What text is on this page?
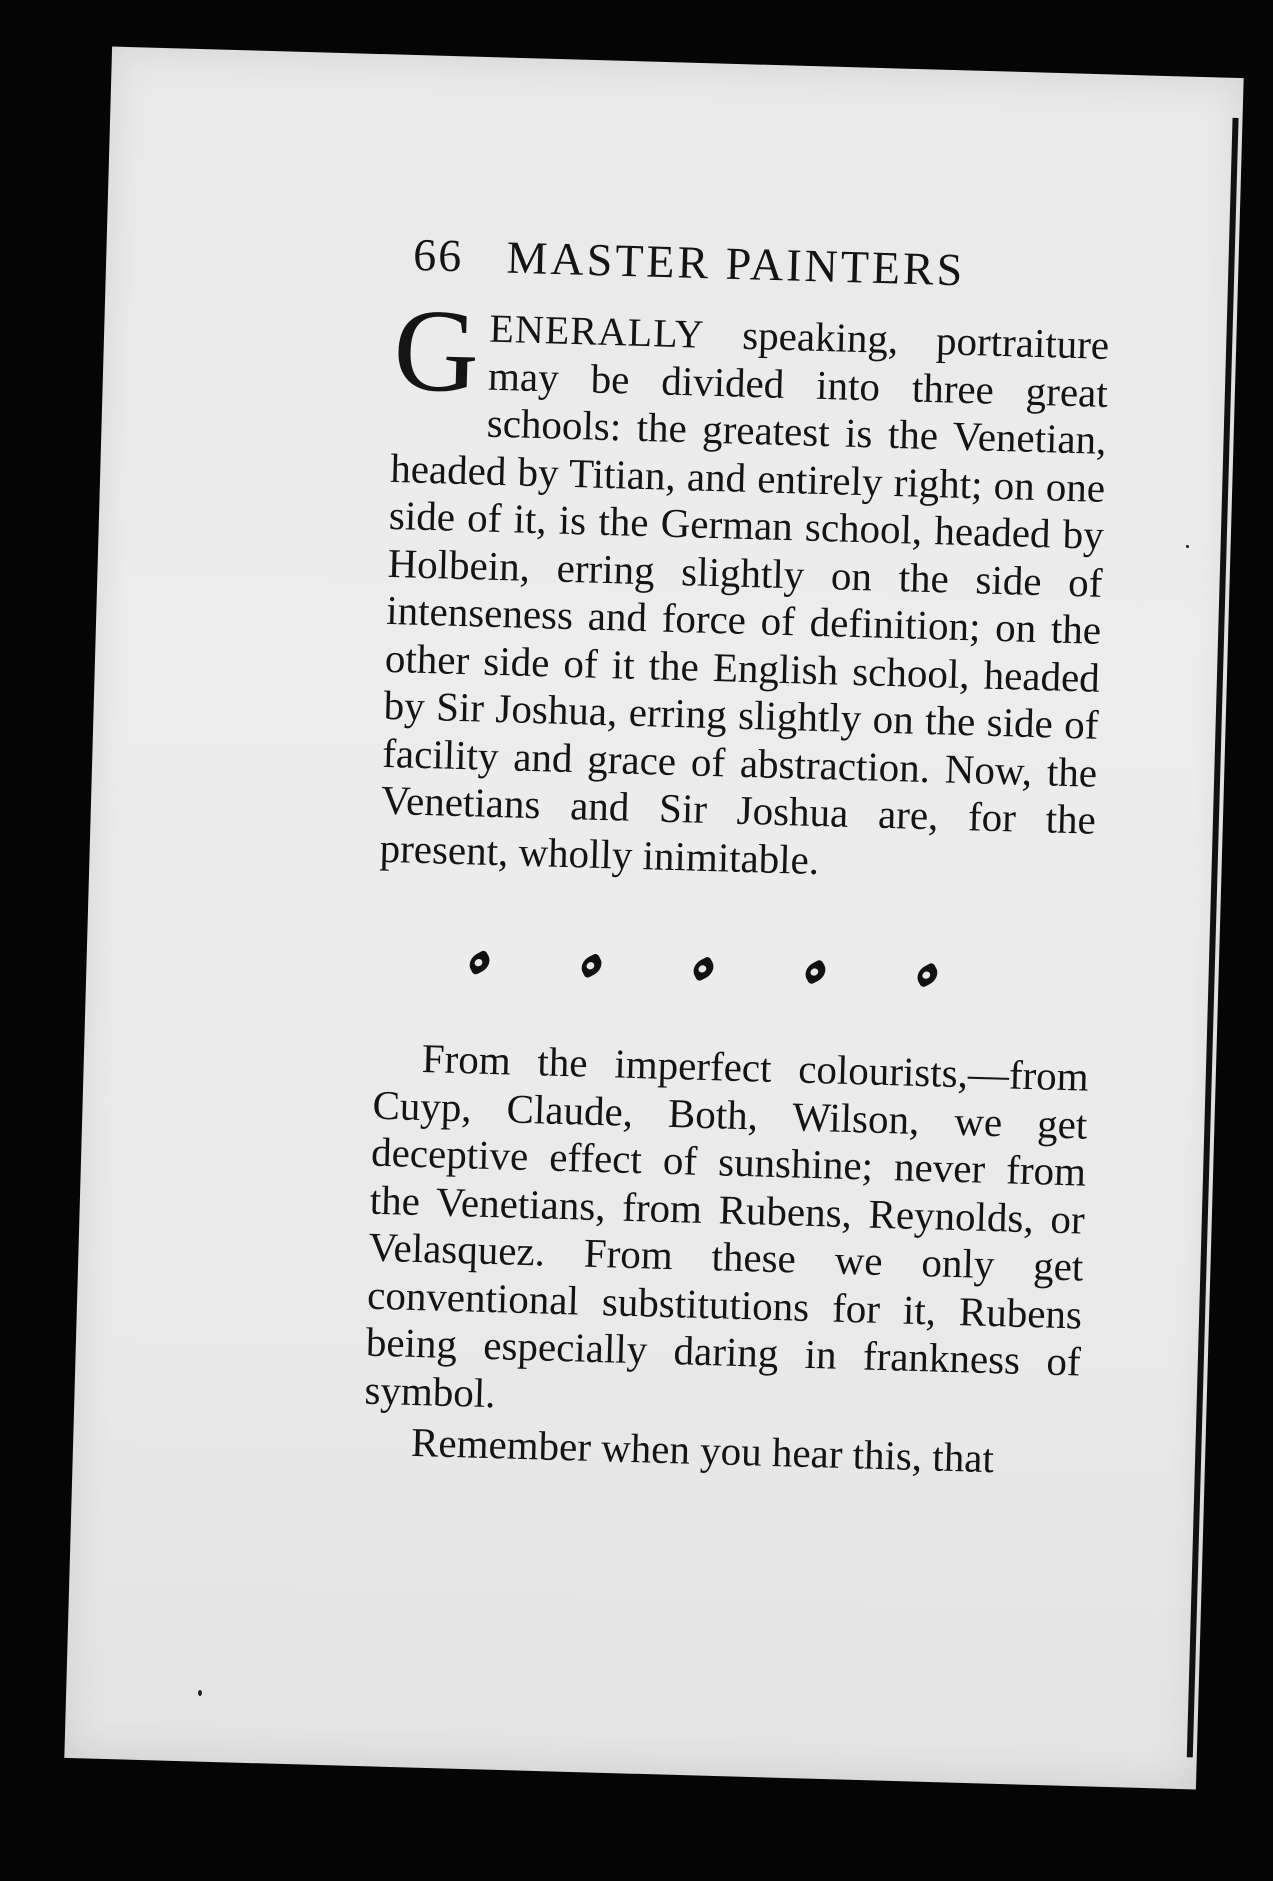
66 MASTER PAINTERS

GENERALLY speaking, portraiture may be divided into three great schools: the greatest is the Venetian, headed by Titian, and entirely right; on one side of it, is the German school, headed by Holbein, erring slightly on the side of intenseness and force of definition; on the other side of it the English school, headed by Sir Joshua, erring slightly on the side of facility and grace of abstraction. Now, the Venetians and Sir Joshua are, for the present, wholly inimitable.

From the imperfect colourists,—from Cuyp, Claude, Both, Wilson, we get deceptive effect of sunshine; never from the Venetians, from Rubens, Reynolds, or Velasquez. From these we only get conventional substitutions for it, Rubens being especially daring in frankness of symbol.

Remember when you hear this, that
